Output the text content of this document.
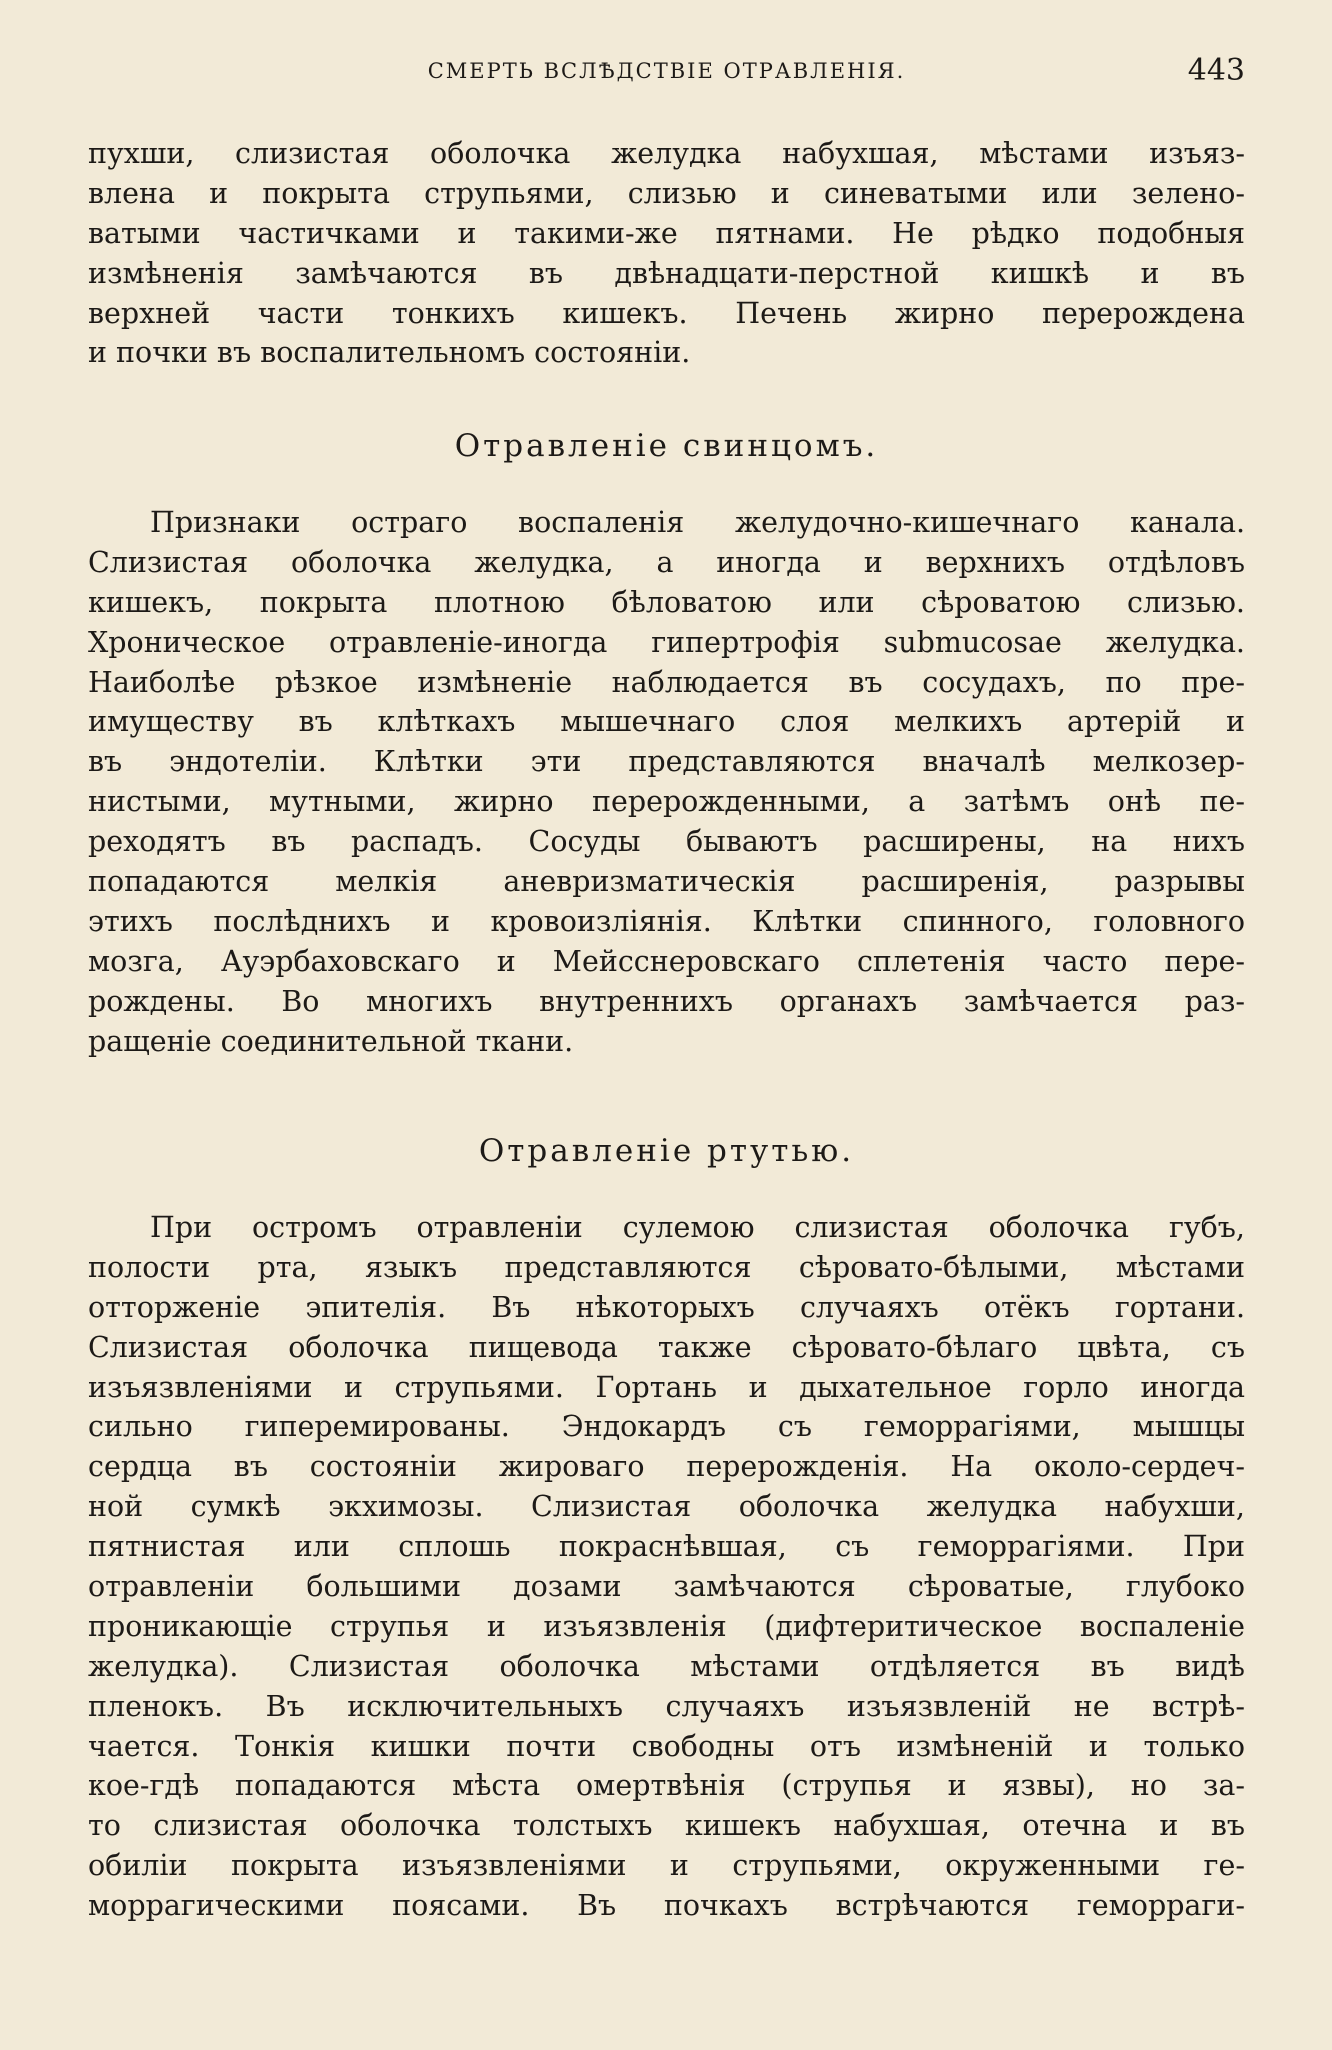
СМЕРТЬ ВСЛѢДСТВІЕ ОТРАВЛЕНІЯ.	443
пухши, слизистая оболочка желудка набухшая, мѣстами изъяз-
влена и покрыта струпьями, слизью и синеватыми или зелено-
ватыми частичками и такими-же пятнами. Не рѣдко подобныя
измѣненія замѣчаются въ двѣнадцати-перстной кишкѣ и въ
верхней части тонкихъ кишекъ. Печень жирно перерождена
и почки въ воспалительномъ состояніи.
Отравленіе свинцомъ.
Признаки остраго воспаленія желудочно-кишечнаго канала.
Слизистая оболочка желудка, а иногда и верхнихъ отдѣловъ
кишекъ, покрыта плотною бѣловатою или сѣроватою слизью.
Хроническое отравленіе-иногда гипертрофія submucosae желудка.
Наиболѣе рѣзкое измѣненіе наблюдается въ сосудахъ, по пре-
имуществу въ клѣткахъ мышечнаго слоя мелкихъ артерій и
въ эндотеліи. Клѣтки эти представляются вначалѣ мелкозер-
нистыми, мутными, жирно перерожденными, а затѣмъ онѣ пе-
реходятъ въ распадъ. Сосуды бываютъ расширены, на нихъ
попадаются мелкія аневризматическія расширенія, разрывы
этихъ послѣднихъ и кровоизліянія. Клѣтки спинного, головного
мозга, Ауэрбаховскаго и Мейсснеровскаго сплетенія часто пере-
рождены. Во многихъ внутреннихъ органахъ замѣчается раз-
ращеніе соединительной ткани.
Отравленіе ртутью.
При остромъ отравленіи сулемою слизистая оболочка губъ,
полости рта, языкъ представляются сѣровато-бѣлыми, мѣстами
отторженіе эпителія. Въ нѣкоторыхъ случаяхъ отёкъ гортани.
Слизистая оболочка пищевода также сѣровато-бѣлаго цвѣта, съ
изъязвленіями и струпьями. Гортань и дыхательное горло иногда
сильно гиперемированы. Эндокардъ съ геморрагіями, мышцы
сердца въ состояніи жироваго перерожденія. На около-сердеч-
ной сумкѣ экхимозы. Слизистая оболочка желудка набухши,
пятнистая или сплошь покраснѣвшая, съ геморрагіями. При
отравленіи большими дозами замѣчаются сѣроватые, глубоко
проникающіе струпья и изъязвленія (дифтеритическое воспаленіе
желудка). Слизистая оболочка мѣстами отдѣляется въ видѣ
пленокъ. Въ исключительныхъ случаяхъ изъязвленій не встрѣ-
чается. Тонкія кишки почти свободны отъ измѣненій и только
кое-гдѣ попадаются мѣста омертвѣнія (струпья и язвы), но за-
то слизистая оболочка толстыхъ кишекъ набухшая, отечна и въ
обиліи покрыта изъязвленіями и струпьями, окруженными ге-
моррагическими поясами. Въ почкахъ встрѣчаются геморраги-
